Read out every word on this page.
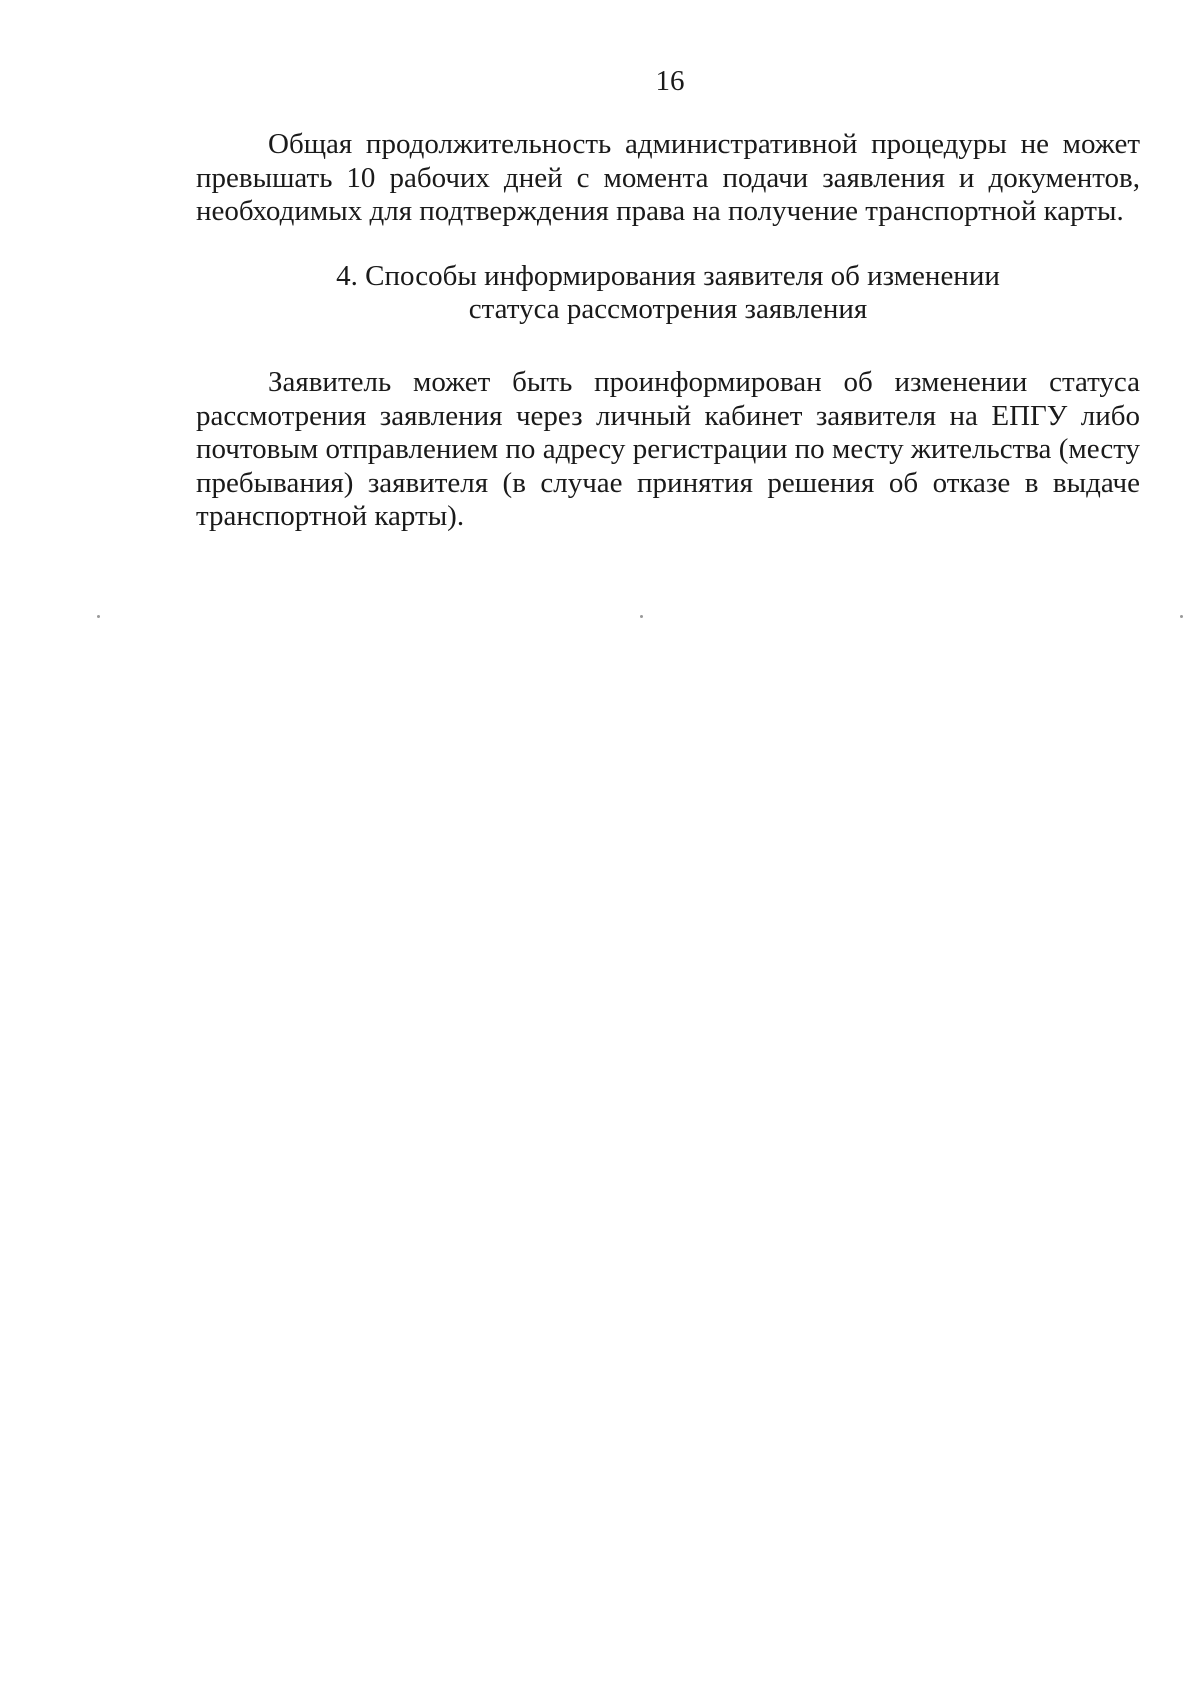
16

Общая продолжительность административной процедуры не может превышать 10 рабочих дней с момента подачи заявления и документов, необходимых для подтверждения права на получение транспортной карты.

4. Способы информирования заявителя об изменении
статуса рассмотрения заявления

Заявитель может быть проинформирован об изменении статуса рассмотрения заявления через личный кабинет заявителя на ЕПГУ либо почтовым отправлением по адресу регистрации по месту жительства (месту пребывания) заявителя (в случае принятия решения об отказе в выдаче транспортной карты).
